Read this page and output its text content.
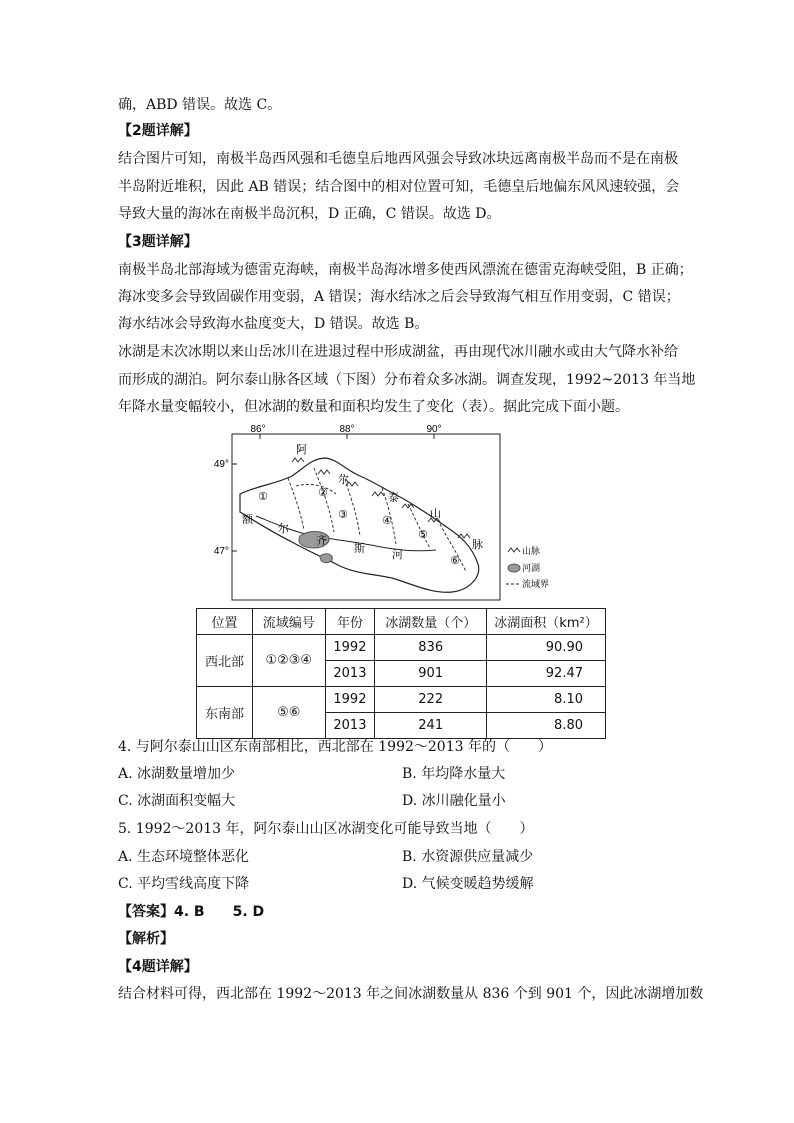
确，ABD 错误。故选 C。
【2题详解】
结合图片可知，南极半岛西风强和毛德皇后地西风强会导致冰块远离南极半岛而不是在南极
半岛附近堆积，因此 AB 错误；结合图中的相对位置可知，毛德皇后地偏东风风速较强，会
导致大量的海冰在南极半岛沉积，D 正确，C 错误。故选 D。
【3题详解】
南极半岛北部海域为德雷克海峡，南极半岛海冰增多使西风漂流在德雷克海峡受阻，B 正确；
海冰变多会导致固碳作用变弱，A 错误；海水结冰之后会导致海气相互作用变弱，C 错误；
海水结冰会导致海水盐度变大，D 错误。故选 B。
冰湖是末次冰期以来山岳冰川在进退过程中形成湖盆，再由现代冰川融水或由大气降水补给
而形成的湖泊。阿尔泰山脉各区域（下图）分布着众多冰湖。调查发现，1992~2013 年当地
年降水量变幅较小，但冰湖的数量和面积均发生了变化（表）。据此完成下面小题。
86°	88°	90°
49°
47°
阿
尔
泰
山
脉
额
尔
齐
斯 河
①	②
③	④
⑤
⑥
山脉
河湖
流域界
位置	流域编号	年份	冰湖数量（个）	冰湖面积（km²）
西北部	①②③④	1992	836	90.90
		2013	901	92.47
东南部	⑤⑥	1992	222	8.10
		2013	241	8.80
4. 与阿尔泰山山区东南部相比，西北部在 1992～2013 年的（　　）
A. 冰湖数量增加少	B. 年均降水量大
C. 冰湖面积变幅大	D. 冰川融化量小
5. 1992～2013 年，阿尔泰山山区冰湖变化可能导致当地（　　）
A. 生态环境整体恶化	B. 水资源供应量减少
C. 平均雪线高度下降	D. 气候变暖趋势缓解
【答案】4. B　　5. D
【解析】
【4题详解】
结合材料可得，西北部在 1992～2013 年之间冰湖数量从 836 个到 901 个，因此冰湖增加数
